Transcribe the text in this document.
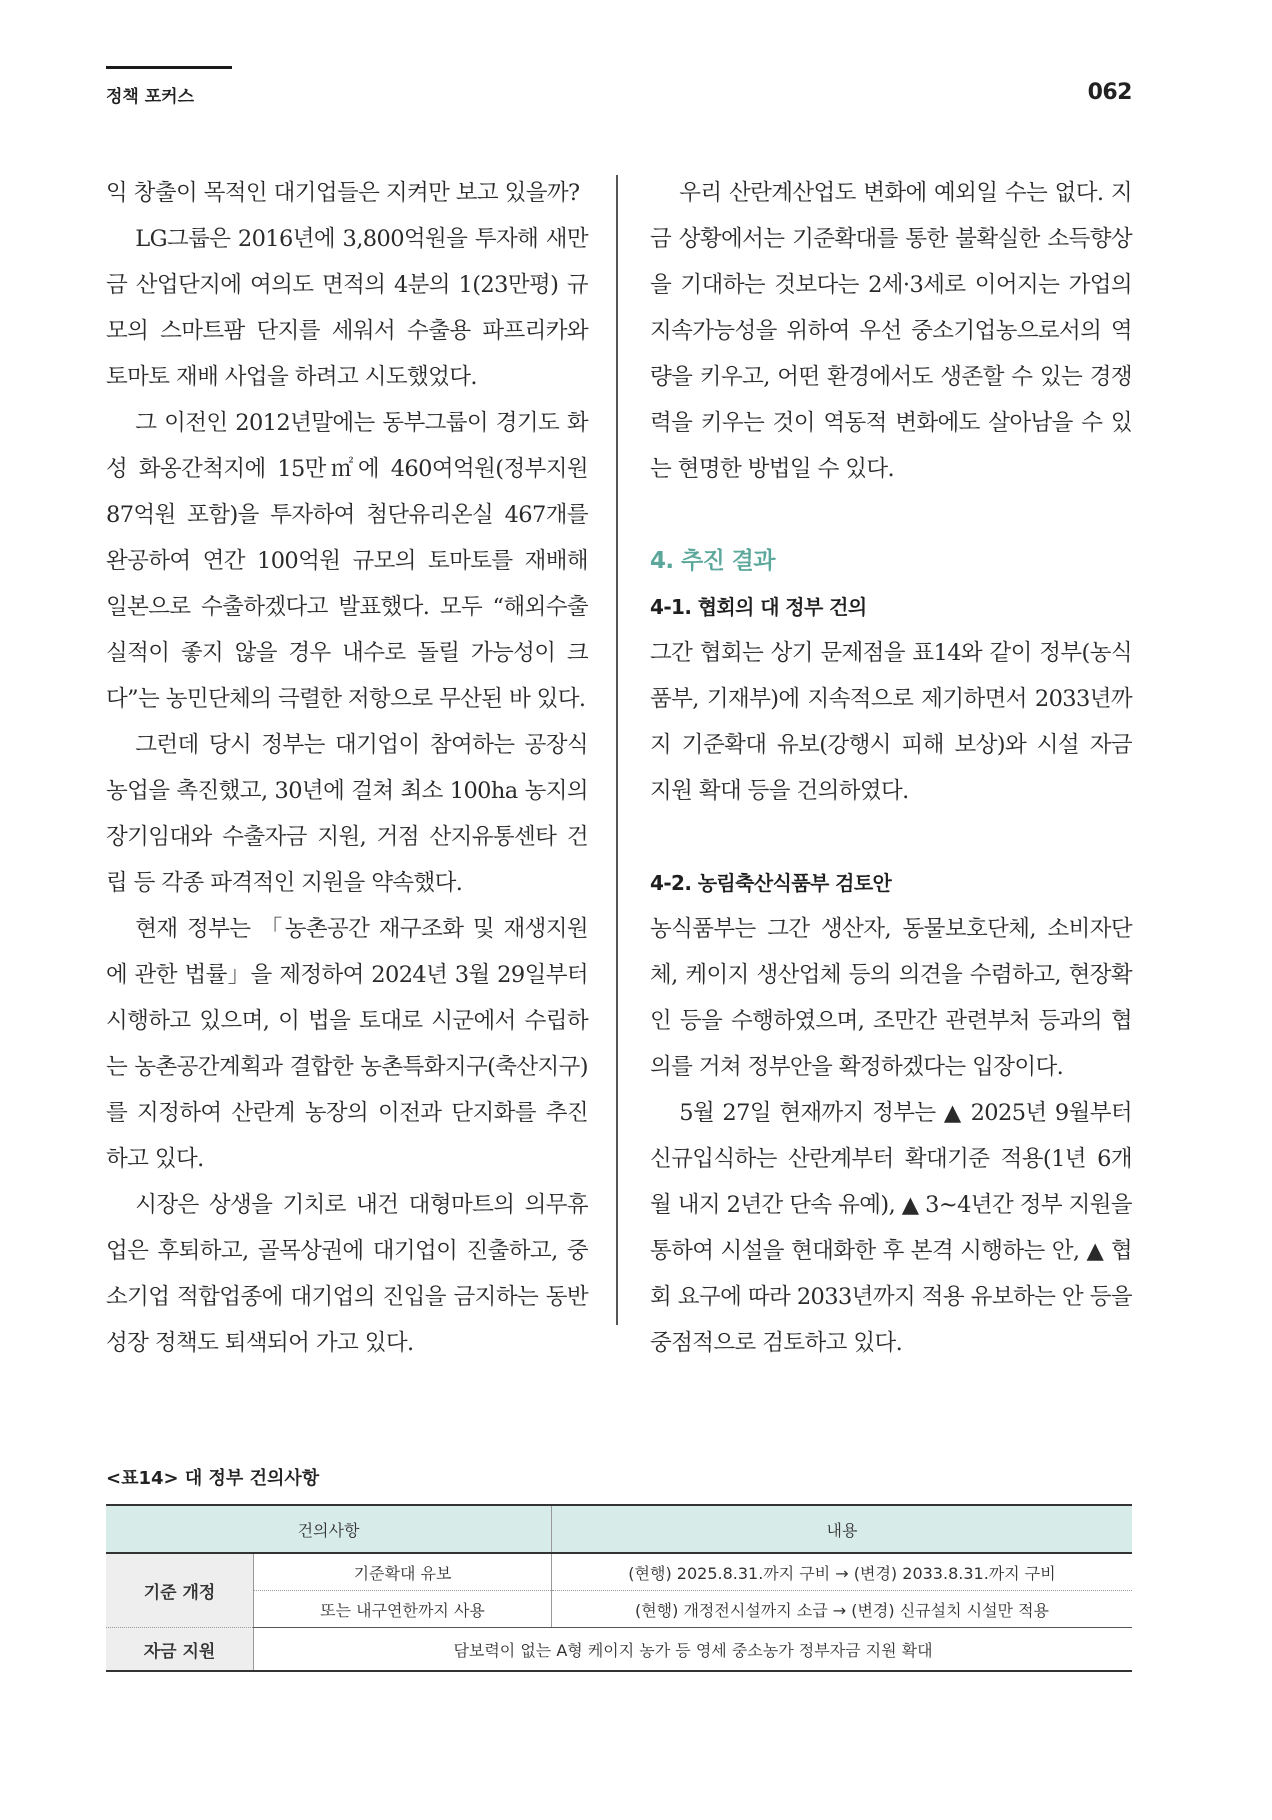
정책 포커스	062

익 창출이 목적인 대기업들은 지켜만 보고 있을까?

LG그룹은 2016년에 3,800억원을 투자해 새만금 산업단지에 여의도 면적의 4분의 1(23만평) 규모의 스마트팜 단지를 세워서 수출용 파프리카와 토마토 재배 사업을 하려고 시도했었다.

그 이전인 2012년말에는 동부그룹이 경기도 화성 화옹간척지에 15만㎡에 460여억원(정부지원 87억원 포함)을 투자하여 첨단유리온실 467개를 완공하여 연간 100억원 규모의 토마토를 재배해 일본으로 수출하겠다고 발표했다. 모두 “해외수출 실적이 좋지 않을 경우 내수로 돌릴 가능성이 크다”는 농민단체의 극렬한 저항으로 무산된 바 있다.

그런데 당시 정부는 대기업이 참여하는 공장식 농업을 촉진했고, 30년에 걸쳐 최소 100ha 농지의 장기임대와 수출자금 지원, 거점 산지유통센타 건립 등 각종 파격적인 지원을 약속했다.

현재 정부는 「농촌공간 재구조화 및 재생지원에 관한 법률」을 제정하여 2024년 3월 29일부터 시행하고 있으며, 이 법을 토대로 시군에서 수립하는 농촌공간계획과 결합한 농촌특화지구(축산지구)를 지정하여 산란계 농장의 이전과 단지화를 추진하고 있다.

시장은 상생을 기치로 내건 대형마트의 의무휴업은 후퇴하고, 골목상권에 대기업이 진출하고, 중소기업 적합업종에 대기업의 진입을 금지하는 동반성장 정책도 퇴색되어 가고 있다.

우리 산란계산업도 변화에 예외일 수는 없다. 지금 상황에서는 기준확대를 통한 불확실한 소득향상을 기대하는 것보다는 2세·3세로 이어지는 가업의 지속가능성을 위하여 우선 중소기업농으로서의 역량을 키우고, 어떤 환경에서도 생존할 수 있는 경쟁력을 키우는 것이 역동적 변화에도 살아남을 수 있는 현명한 방법일 수 있다.

4. 추진 결과

4-1. 협회의 대 정부 건의

그간 협회는 상기 문제점을 표14와 같이 정부(농식품부, 기재부)에 지속적으로 제기하면서 2033년까지 기준확대 유보(강행시 피해 보상)와 시설 자금 지원 확대 등을 건의하였다.

4-2. 농림축산식품부 검토안

농식품부는 그간 생산자, 동물보호단체, 소비자단체, 케이지 생산업체 등의 의견을 수렴하고, 현장확인 등을 수행하였으며, 조만간 관련부처 등과의 협의를 거쳐 정부안을 확정하겠다는 입장이다.

5월 27일 현재까지 정부는 ▲ 2025년 9월부터 신규입식하는 산란계부터 확대기준 적용(1년 6개월 내지 2년간 단속 유예), ▲ 3~4년간 정부 지원을 통하여 시설을 현대화한 후 본격 시행하는 안, ▲ 협회 요구에 따라 2033년까지 적용 유보하는 안 등을 중점적으로 검토하고 있다.

<표14> 대 정부 건의사항
건의사항		내용
기준 개정	기준확대 유보	(현행) 2025.8.31.까지 구비 → (변경) 2033.8.31.까지 구비
	또는 내구연한까지 사용	(현행) 개정전시설까지 소급 → (변경) 신규설치 시설만 적용
자금 지원	담보력이 없는 A형 케이지 농가 등 영세 중소농가 정부자금 지원 확대	
